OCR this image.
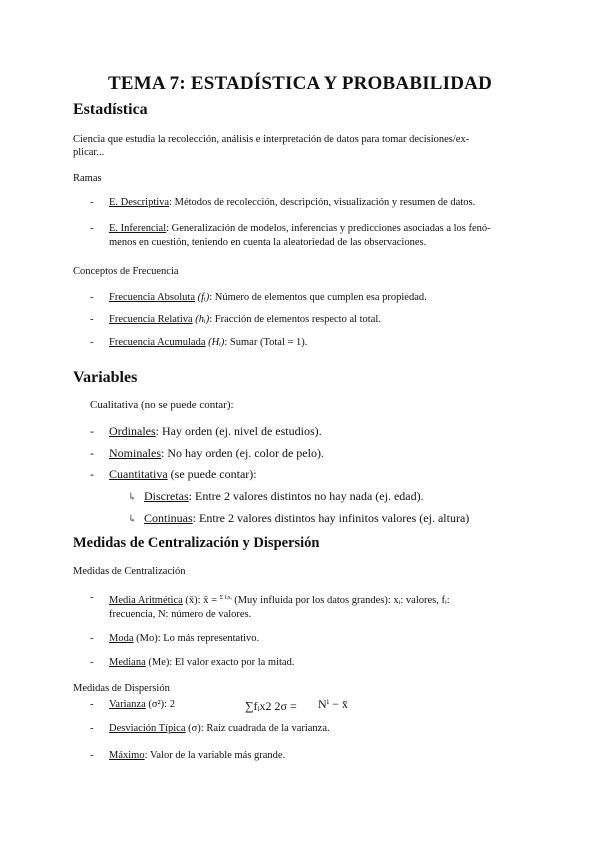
TEMA 7: ESTADÍSTICA Y PROBABILIDAD
Estadística
Ciencia que estudia la recolección, análisis e interpretación de datos para tomar decisiones/ex-
plicar...
Ramas
- E. Descriptiva: Métodos de recolección, descripción, visualización y resumen de datos.
- E. Inferencial: Generalización de modelos, inferencias y predicciones asociadas a los fenó-
menos en cuestión, teniendo en cuenta la aleatoriedad de las observaciones.
Conceptos de Frecuencia
- Frecuencia Absoluta (fᵢ): Número de elementos que cumplen esa propiedad.
- Frecuencia Relativa (hᵢ): Fracción de elementos respecto al total.
- Frecuencia Acumulada (Hᵢ): Sumar (Total = 1).
Variables
Cualitativa (no se puede contar):
- Ordinales: Hay orden (ej. nivel de estudios).
- Nominales: No hay orden (ej. color de pelo).
- Cuantitativa (se puede contar):
↳ Discretas: Entre 2 valores distintos no hay nada (ej. edad).
↳ Continuas: Entre 2 valores distintos hay infinitos valores (ej. altura)
Medidas de Centralización y Dispersión
Medidas de Centralización
- Media Aritmética (x̄): x̄ = $^{\Sigma fᵢxᵢ}$ (Muy influida por los datos grandes): xᵢ: valores, fᵢ:
frecuencia, N: número de valores.
- Moda (Mo): Lo más representativo.
- Mediana (Me): El valor exacto por la mitad.
Medidas de Dispersión
- Varianza (σ²): 2	∑fᵢx2 2σ = Nⁱ − x̄
- Desviación Típica (σ): Raíz cuadrada de la varianza.
- Máximo: Valor de la variable más grande.
